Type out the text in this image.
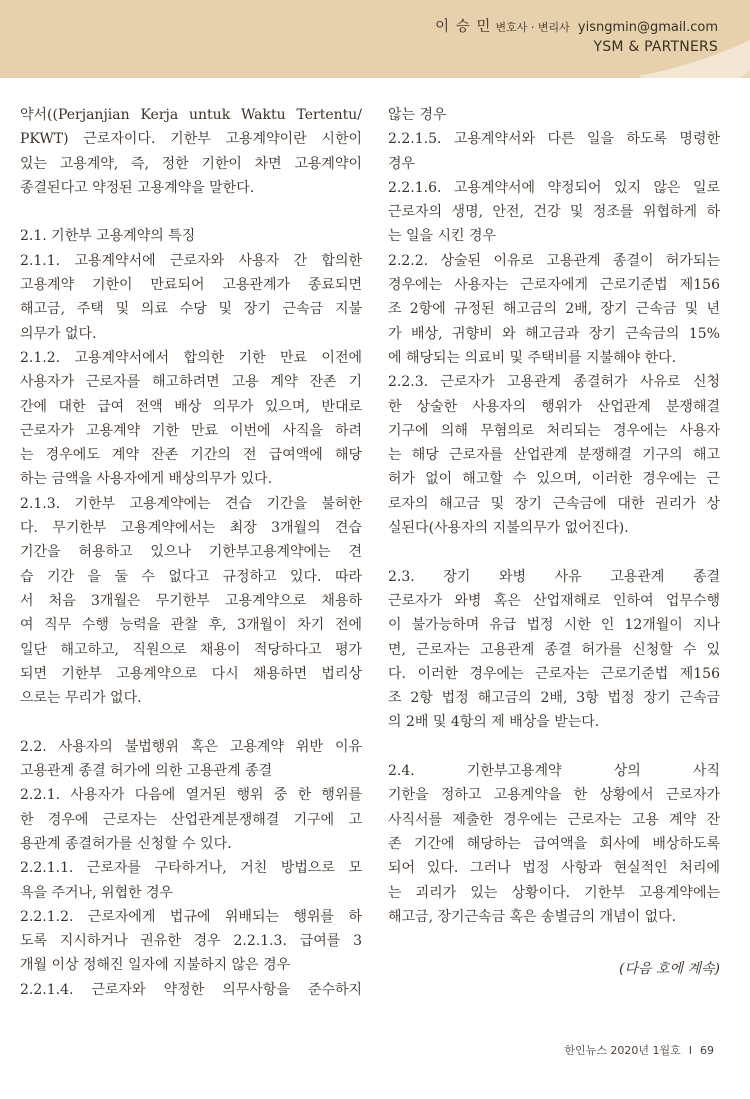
이 승 민 변호사 · 변리사 yisngmin@gmail.com
YSM & PARTNERS
약서((Perjanjian Kerja untuk Waktu Tertentu/
PKWT) 근로자이다. 기한부 고용계약이란 시한이
있는 고용계약, 즉, 정한 기한이 차면 고용계약이
종결된다고 약정된 고용계약을 말한다.
2.1. 기한부 고용계약의 특징
2.1.1. 고용계약서에 근로자와 사용자 간 합의한
고용계약 기한이 만료되어 고용관계가 종료되면
해고금, 주택 및 의료 수당 및 장기 근속금 지불
의무가 없다.
2.1.2. 고용계약서에서 합의한 기한 만료 이전에
사용자가 근로자를 해고하려면 고용 계약 잔존 기
간에 대한 급여 전액 배상 의무가 있으며, 반대로
근로자가 고용계약 기한 만료 이번에 사직을 하려
는 경우에도 계약 잔존 기간의 전 급여액에 해당
하는 금액을 사용자에게 배상의무가 있다.
2.1.3. 기한부 고용계약에는 견습 기간을 불허한
다. 무기한부 고용계약에서는 최장 3개월의 견습
기간을 허용하고 있으나 기한부고용계약에는 견
습 기간 을 둘 수 없다고 규정하고 있다. 따라
서 처음 3개월은 무기한부 고용계약으로 채용하
여 직무 수행 능력을 관찰 후, 3개월이 차기 전에
일단 해고하고, 직원으로 채용이 적당하다고 평가
되면 기한부 고용계약으로 다시 채용하면 법리상
으로는 무리가 없다.
2.2. 사용자의 불법행위 혹은 고용계약 위반 이유
고용관계 종결 허가에 의한 고용관계 종결
2.2.1. 사용자가 다음에 열거된 행위 중 한 행위를
한 경우에 근로자는 산업관계분쟁해결 기구에 고
용관계 종결허가를 신청할 수 있다.
2.2.1.1. 근로자를 구타하거나, 거친 방법으로 모
욕을 주거나, 위협한 경우
2.2.1.2. 근로자에게 법규에 위배되는 행위를 하
도록 지시하거나 권유한 경우 2.2.1.3. 급여를 3
개월 이상 정해진 일자에 지불하지 않은 경우
2.2.1.4. 근로자와 약정한 의무사항을 준수하지
않는 경우
2.2.1.5. 고용계약서와 다른 일을 하도록 명령한
경우
2.2.1.6. 고용계약서에 약정되어 있지 않은 일로
근로자의 생명, 안전, 건강 및 정조를 위협하게 하
는 일을 시킨 경우
2.2.2. 상술된 이유로 고용관계 종결이 허가되는
경우에는 사용자는 근로자에게 근로기준법 제156
조 2항에 규정된 해고금의 2배, 장기 근속금 및 년
가 배상, 귀향비 와 해고금과 장기 근속금의 15%
에 해당되는 의료비 및 주택비를 지불해야 한다.
2.2.3. 근로자가 고용관계 종결허가 사유로 신청
한 상술한 사용자의 행위가 산업관계 분쟁해결
기구에 의해 무혐의로 처리되는 경우에는 사용자
는 해당 근로자를 산업관계 분쟁해결 기구의 해고
허가 없이 해고할 수 있으며, 이러한 경우에는 근
로자의 해고금 및 장기 근속금에 대한 권리가 상
실된다(사용자의 지불의무가 없어진다).
2.3. 장기 와병 사유 고용관계 종결
근로자가 와병 혹은 산업재해로 인하여 업무수행
이 불가능하며 유급 법정 시한 인 12개월이 지나
면, 근로자는 고용관계 종결 허가를 신청할 수 있
다. 이러한 경우에는 근로자는 근로기준법 제156
조 2항 법정 해고금의 2배, 3항 법정 장기 근속금
의 2배 및 4항의 제 배상을 받는다.
2.4. 기한부고용계약 상의 사직
기한을 정하고 고용계약을 한 상황에서 근로자가
사직서를 제출한 경우에는 근로자는 고용 계약 잔
존 기간에 해당하는 급여액을 회사에 배상하도록
되어 있다. 그러나 법정 사항과 현실적인 처리에
는 괴리가 있는 상황이다. 기한부 고용계약에는
해고금, 장기근속금 혹은 송별금의 개념이 없다.
(다음 호에 계속)
한인뉴스 2020년 1월호 I 69
